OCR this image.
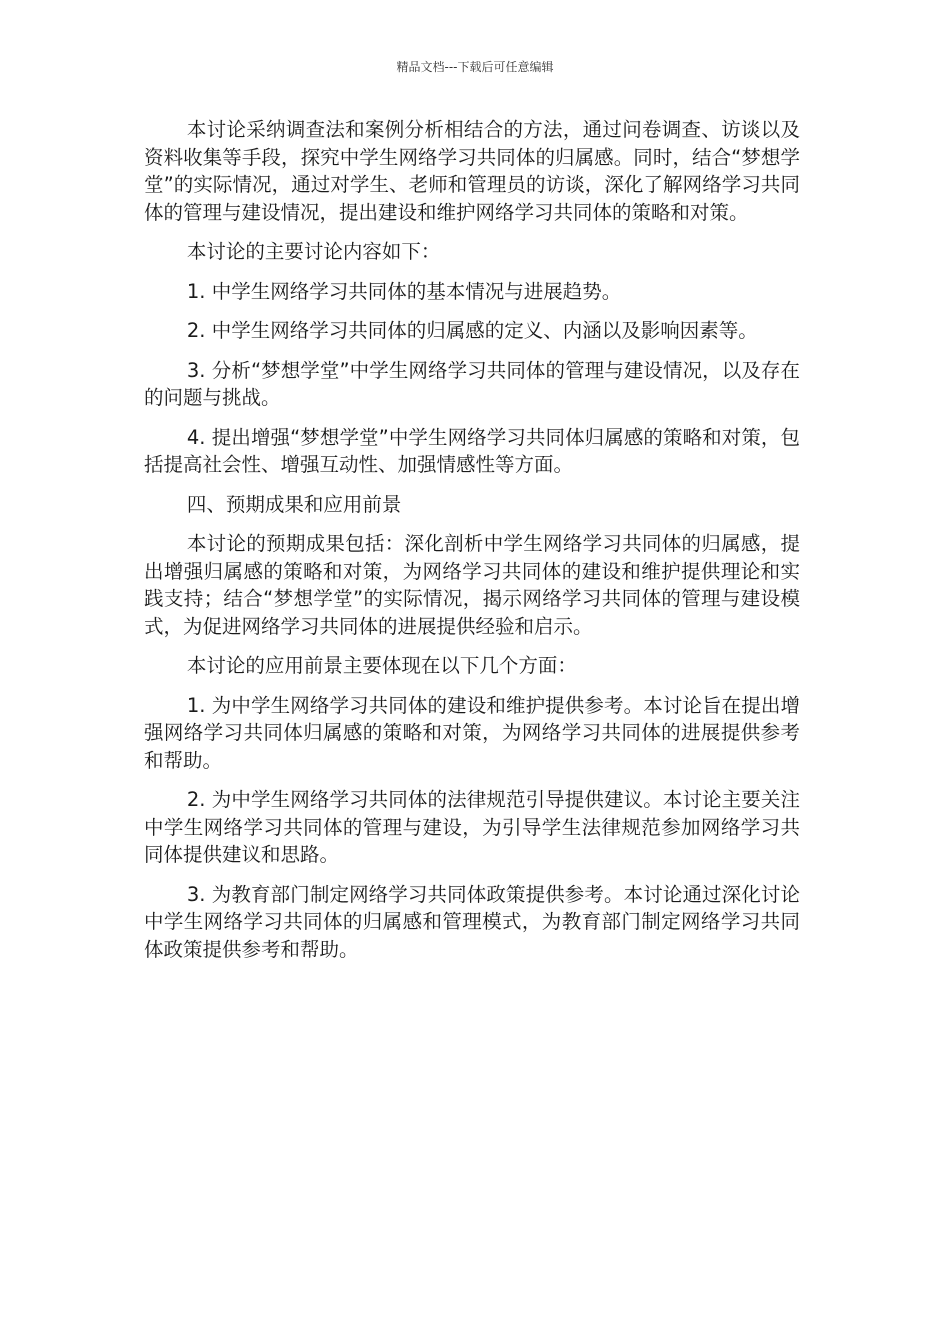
精品文档---下载后可任意编辑

本讨论采纳调查法和案例分析相结合的方法，通过问卷调查、访谈以及资料收集等手段，探究中学生网络学习共同体的归属感。同时，结合“梦想学堂”的实际情况，通过对学生、老师和管理员的访谈，深化了解网络学习共同体的管理与建设情况，提出建设和维护网络学习共同体的策略和对策。

本讨论的主要讨论内容如下：

1. 中学生网络学习共同体的基本情况与进展趋势。

2. 中学生网络学习共同体的归属感的定义、内涵以及影响因素等。

3. 分析“梦想学堂”中学生网络学习共同体的管理与建设情况，以及存在的问题与挑战。

4. 提出增强“梦想学堂”中学生网络学习共同体归属感的策略和对策，包括提高社会性、增强互动性、加强情感性等方面。

四、预期成果和应用前景

本讨论的预期成果包括：深化剖析中学生网络学习共同体的归属感，提出增强归属感的策略和对策，为网络学习共同体的建设和维护提供理论和实践支持；结合“梦想学堂”的实际情况，揭示网络学习共同体的管理与建设模式，为促进网络学习共同体的进展提供经验和启示。

本讨论的应用前景主要体现在以下几个方面：

1. 为中学生网络学习共同体的建设和维护提供参考。本讨论旨在提出增强网络学习共同体归属感的策略和对策，为网络学习共同体的进展提供参考和帮助。

2. 为中学生网络学习共同体的法律规范引导提供建议。本讨论主要关注中学生网络学习共同体的管理与建设，为引导学生法律规范参加网络学习共同体提供建议和思路。

3. 为教育部门制定网络学习共同体政策提供参考。本讨论通过深化讨论中学生网络学习共同体的归属感和管理模式，为教育部门制定网络学习共同体政策提供参考和帮助。
